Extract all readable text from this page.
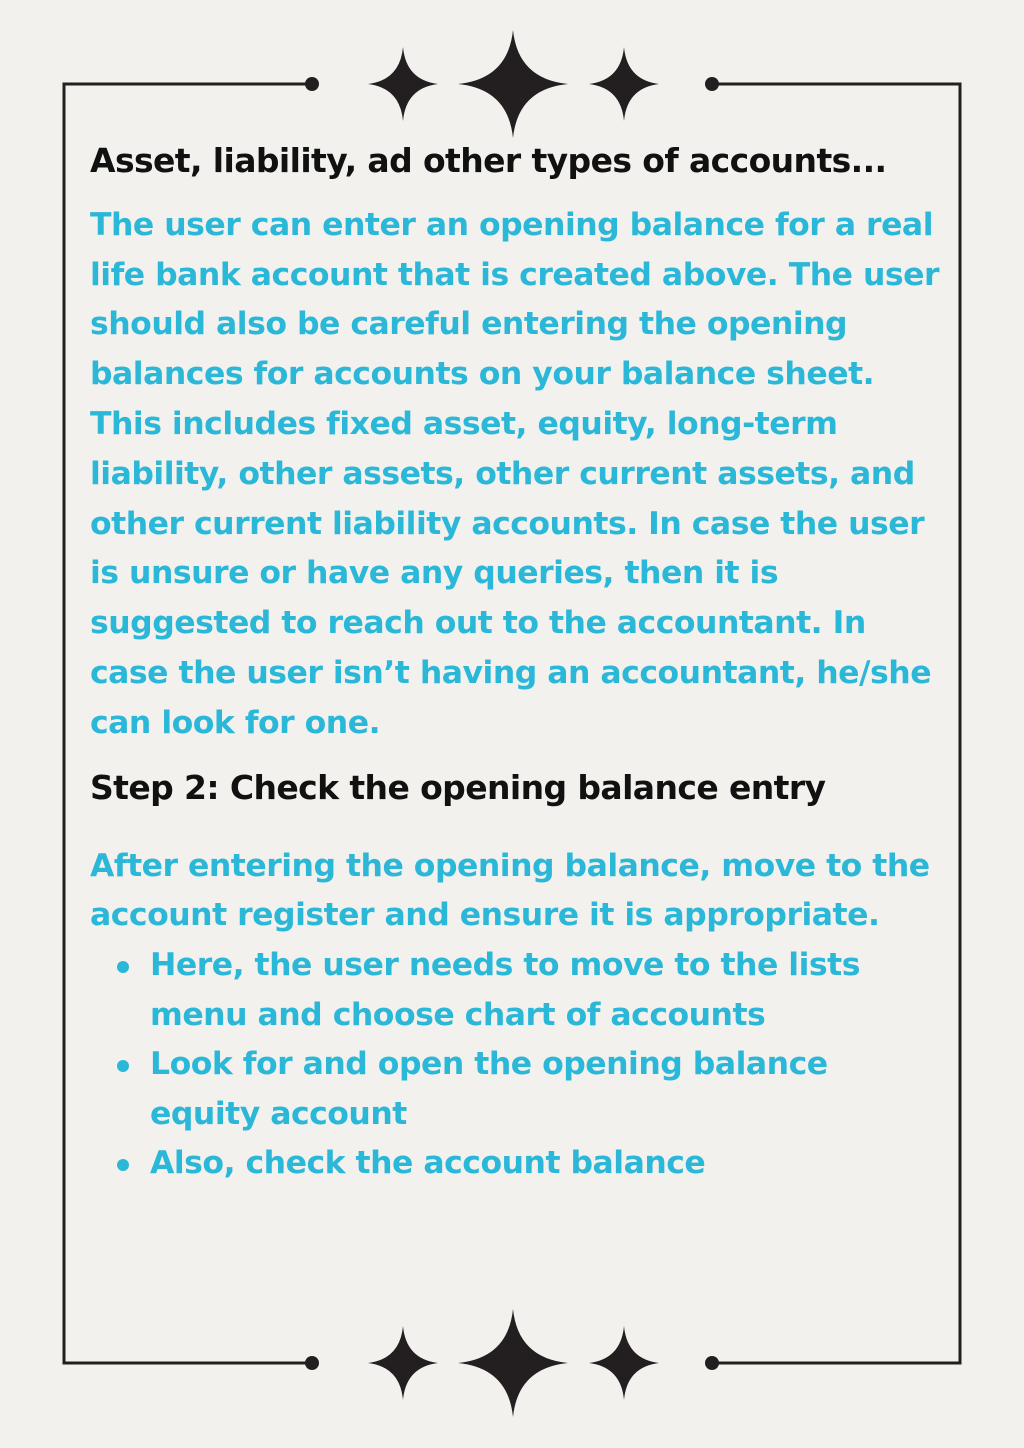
Asset, liability, ad other types of accounts...

The user can enter an opening balance for a real
life bank account that is created above. The user
should also be careful entering the opening
balances for accounts on your balance sheet.
This includes fixed asset, equity, long-term
liability, other assets, other current assets, and
other current liability accounts. In case the user
is unsure or have any queries, then it is
suggested to reach out to the accountant. In
case the user isn’t having an accountant, he/she
can look for one.

Step 2: Check the opening balance entry

After entering the opening balance, move to the
account register and ensure it is appropriate.

Here, the user needs to move to the lists
menu and choose chart of accounts
Look for and open the opening balance
equity account
Also, check the account balance
